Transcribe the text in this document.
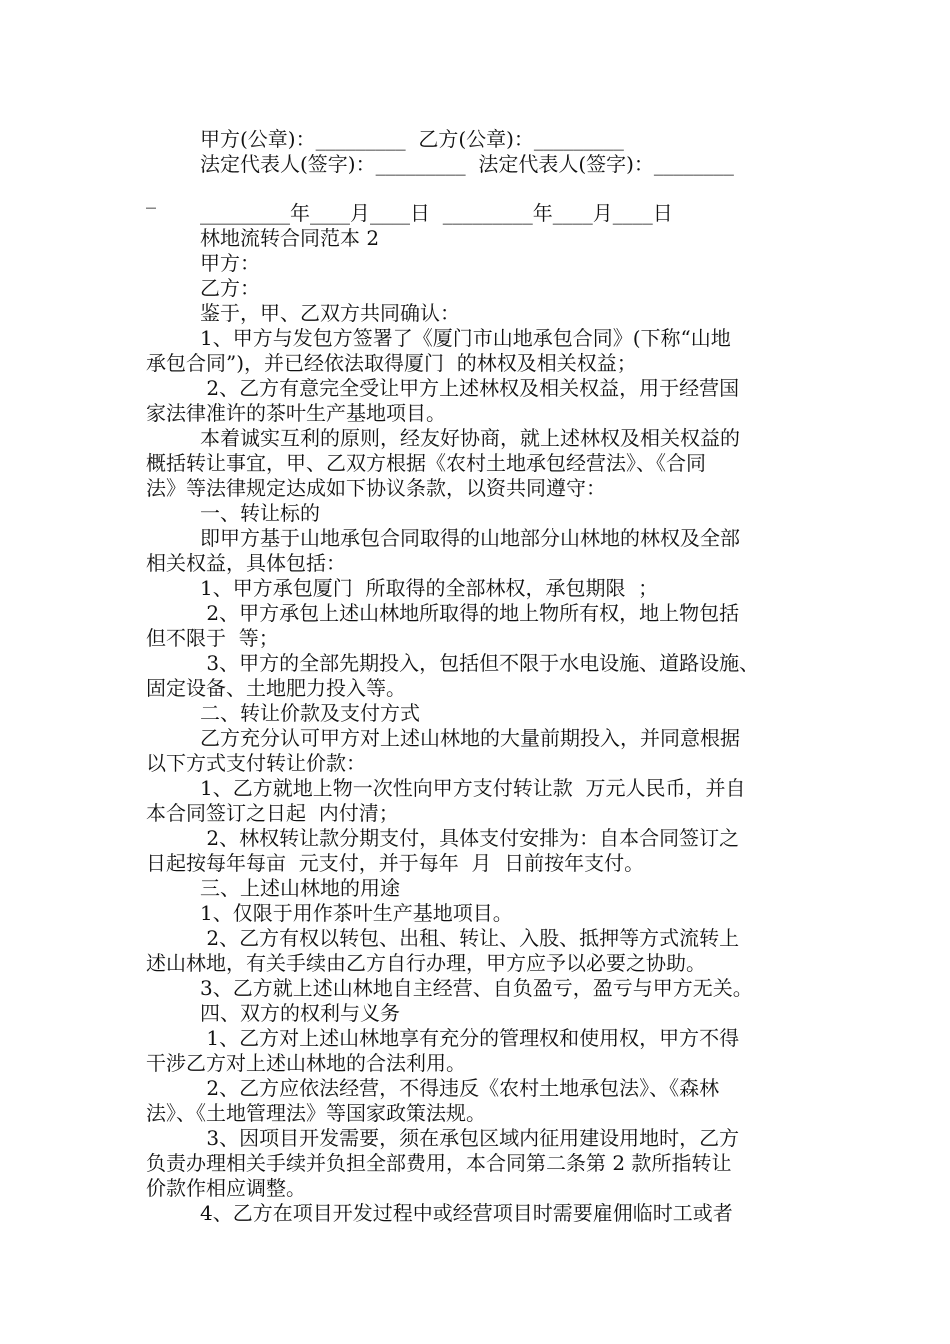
甲方(公章)：_________  乙方(公章)：_________
法定代表人(签字)：_________  法定代表人(签字)：________
_
_________年____月____日  _________年____月____日
林地流转合同范本 2
甲方：
乙方：
鉴于，甲、乙双方共同确认：
1、甲方与发包方签署了《厦门市山地承包合同》(下称“山地
承包合同”)，并已经依法取得厦门  的林权及相关权益；
2、乙方有意完全受让甲方上述林权及相关权益，用于经营国
家法律准许的茶叶生产基地项目。
本着诚实互利的原则，经友好协商，就上述林权及相关权益的
概括转让事宜，甲、乙双方根据《农村土地承包经营法》、《合同
法》等法律规定达成如下协议条款，以资共同遵守：
一、转让标的
即甲方基于山地承包合同取得的山地部分山林地的林权及全部
相关权益，具体包括：
1、甲方承包厦门  所取得的全部林权，承包期限  ；
2、甲方承包上述山林地所取得的地上物所有权，地上物包括
但不限于  等；
3、甲方的全部先期投入，包括但不限于水电设施、道路设施、
固定设备、土地肥力投入等。
二、转让价款及支付方式
乙方充分认可甲方对上述山林地的大量前期投入，并同意根据
以下方式支付转让价款：
1、乙方就地上物一次性向甲方支付转让款  万元人民币，并自
本合同签订之日起  内付清；
2、林权转让款分期支付，具体支付安排为：自本合同签订之
日起按每年每亩  元支付，并于每年  月  日前按年支付。
三、上述山林地的用途
1、仅限于用作茶叶生产基地项目。
2、乙方有权以转包、出租、转让、入股、抵押等方式流转上
述山林地，有关手续由乙方自行办理，甲方应予以必要之协助。
3、乙方就上述山林地自主经营、自负盈亏，盈亏与甲方无关。
四、双方的权利与义务
1、乙方对上述山林地享有充分的管理权和使用权，甲方不得
干涉乙方对上述山林地的合法利用。
2、乙方应依法经营，不得违反《农村土地承包法》、《森林
法》、《土地管理法》等国家政策法规。
3、因项目开发需要，须在承包区域内征用建设用地时，乙方
负责办理相关手续并负担全部费用，本合同第二条第 2 款所指转让
价款作相应调整。
4、乙方在项目开发过程中或经营项目时需要雇佣临时工或者
